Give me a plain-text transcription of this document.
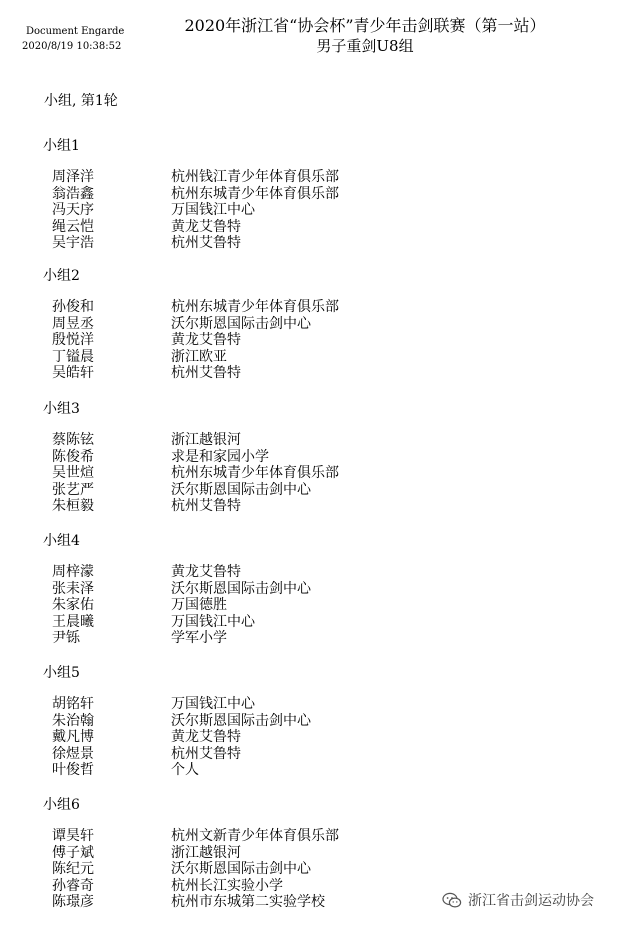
Document Engarde
2020/8/19 10:38:52
2020年浙江省“协会杯”青少年击剑联赛（第一站）
男子重剑U8组
小组, 第1轮
小组1
周泽洋	杭州钱江青少年体育俱乐部
翁浩鑫	杭州东城青少年体育俱乐部
冯天序	万国钱江中心
绳云恺	黄龙艾鲁特
吴宇浩	杭州艾鲁特
小组2
孙俊和	杭州东城青少年体育俱乐部
周昱丞	沃尔斯恩国际击剑中心
殷悦洋	黄龙艾鲁特
丁镒晨	浙江欧亚
吴皓轩	杭州艾鲁特
小组3
蔡陈铉	浙江越银河
陈俊希	求是和家园小学
吴世煊	杭州东城青少年体育俱乐部
张艺严	沃尔斯恩国际击剑中心
朱桓毅	杭州艾鲁特
小组4
周梓濛	黄龙艾鲁特
张耒泽	沃尔斯恩国际击剑中心
朱家佑	万国德胜
王晨曦	万国钱江中心
尹铄	学军小学
小组5
胡铭轩	万国钱江中心
朱治翰	沃尔斯恩国际击剑中心
戴凡博	黄龙艾鲁特
徐煜景	杭州艾鲁特
叶俊哲	个人
小组6
谭昊轩	杭州文新青少年体育俱乐部
傅子斌	浙江越银河
陈纪元	沃尔斯恩国际击剑中心
孙睿奇	杭州长江实验小学
陈璟彦	杭州市东城第二实验学校	浙江省击剑运动协会
